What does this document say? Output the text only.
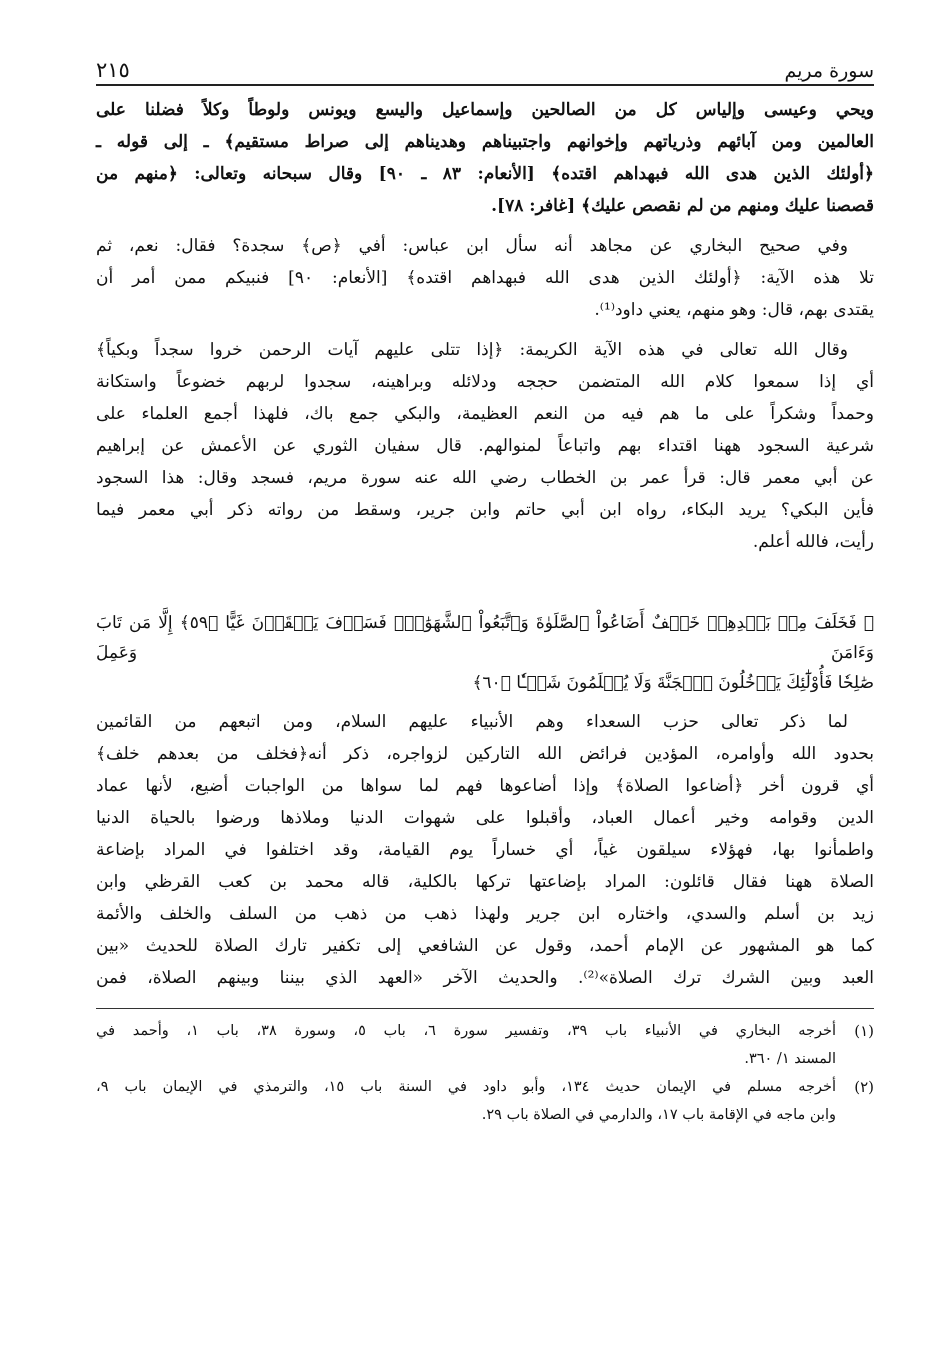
سورة مريم
٢١٥
ويحي وعيسى وإلياس كل من الصالحين وإسماعيل واليسع ويونس ولوطاً وكلاً فضلنا على
العالمين ومن آبائهم وذرياتهم وإخوانهم واجتبيناهم وهديناهم إلى صراط مستقيم﴾ ـ إلى قوله ـ
﴿أولئك الذين هدى الله فبهداهم اقتده﴾ [الأنعام: ٨٣ ـ ٩٠] وقال سبحانه وتعالى: ﴿منهم من
قصصنا عليك ومنهم من لم نقصص عليك﴾ [غافر: ٧٨].
وفي صحيح البخاري عن مجاهد أنه سأل ابن عباس: أفي ﴿ص﴾ سجدة؟ فقال: نعم، ثم
تلا هذه الآية: ﴿أولئك الذين هدى الله فبهداهم اقتده﴾ [الأنعام: ٩٠] فنبيكم ممن أمر أن
يقتدى بهم، قال: وهو منهم، يعني داود⁽¹⁾.
وقال الله تعالى في هذه الآية الكريمة: ﴿إذا تتلى عليهم آيات الرحمن خروا سجداً وبكياً﴾
أي إذا سمعوا كلام الله المتضمن حججه ودلائله وبراهينه، سجدوا لربهم خضوعاً واستكانة
وحمداً وشكراً على ما هم فيه من النعم العظيمة، والبكي جمع باك، فلهذا أجمع العلماء على
شرعية السجود ههنا اقتداء بهم واتباعاً لمنوالهم. قال سفيان الثوري عن الأعمش عن إبراهيم
عن أبي معمر قال: قرأ عمر بن الخطاب رضي الله عنه سورة مريم، فسجد وقال: هذا السجود
فأين البكي؟ يريد البكاء، رواه ابن أبي حاتم وابن جرير، وسقط من رواته ذكر أبي معمر فيما
رأيت، فالله أعلم.
۞ فَخَلَفَ مِنۢ بَعۡدِهِمۡ خَلۡفٌ أَضَاعُواْ ٱلصَّلَوٰةَ وَٱتَّبَعُواْ ٱلشَّهَوَٰتِۖ فَسَوۡفَ يَلۡقَوۡنَ غَيًّا ﴿٥٩﴾ إِلَّا مَن تَابَ وَءَامَنَ وَعَمِلَ
صَٰلِحٗا فَأُوْلَٰٓئِكَ يَدۡخُلُونَ ٱلۡجَنَّةَ وَلَا يُظۡلَمُونَ شَيۡـٔٗا ﴿٦٠﴾
لما ذكر تعالى حزب السعداء وهم الأنبياء عليهم السلام، ومن اتبعهم من القائمين
بحدود الله وأوامره، المؤدين فرائض الله التاركين لزواجره، ذكر أنه﴿فخلف من بعدهم خلف﴾
أي قرون أخر ﴿أضاعوا الصلاة﴾ وإذا أضاعوها فهم لما سواها من الواجبات أضيع، لأنها عماد
الدين وقوامه وخير أعمال العباد، وأقبلوا على شهوات الدنيا وملاذها ورضوا بالحياة الدنيا
واطمأنوا بها، فهؤلاء سيلقون غياً، أي خساراً يوم القيامة، وقد اختلفوا في المراد بإضاعة
الصلاة ههنا فقال قائلون: المراد بإضاعتها تركها بالكلية، قاله محمد بن كعب القرظي وابن
زيد بن أسلم والسدي، واختاره ابن جرير ولهذا ذهب من ذهب من السلف والخلف والأئمة
كما هو المشهور عن الإمام أحمد، وقول عن الشافعي إلى تكفير تارك الصلاة للحديث «بين
العبد وبين الشرك ترك الصلاة»⁽²⁾. والحديث الآخر «العهد الذي بيننا وبينهم الصلاة، فمن
(١)
أخرجه البخاري في الأنبياء باب ٣٩، وتفسير سورة ٦، باب ٥، وسورة ٣٨، باب ١، وأحمد في
المسند ١/ ٣٦٠.
(٢)
أخرجه مسلم في الإيمان حديث ١٣٤، وأبو داود في السنة باب ١٥، والترمذي في الإيمان باب ٩،
وابن ماجه في الإقامة باب ١٧، والدارمي في الصلاة باب ٢٩.
